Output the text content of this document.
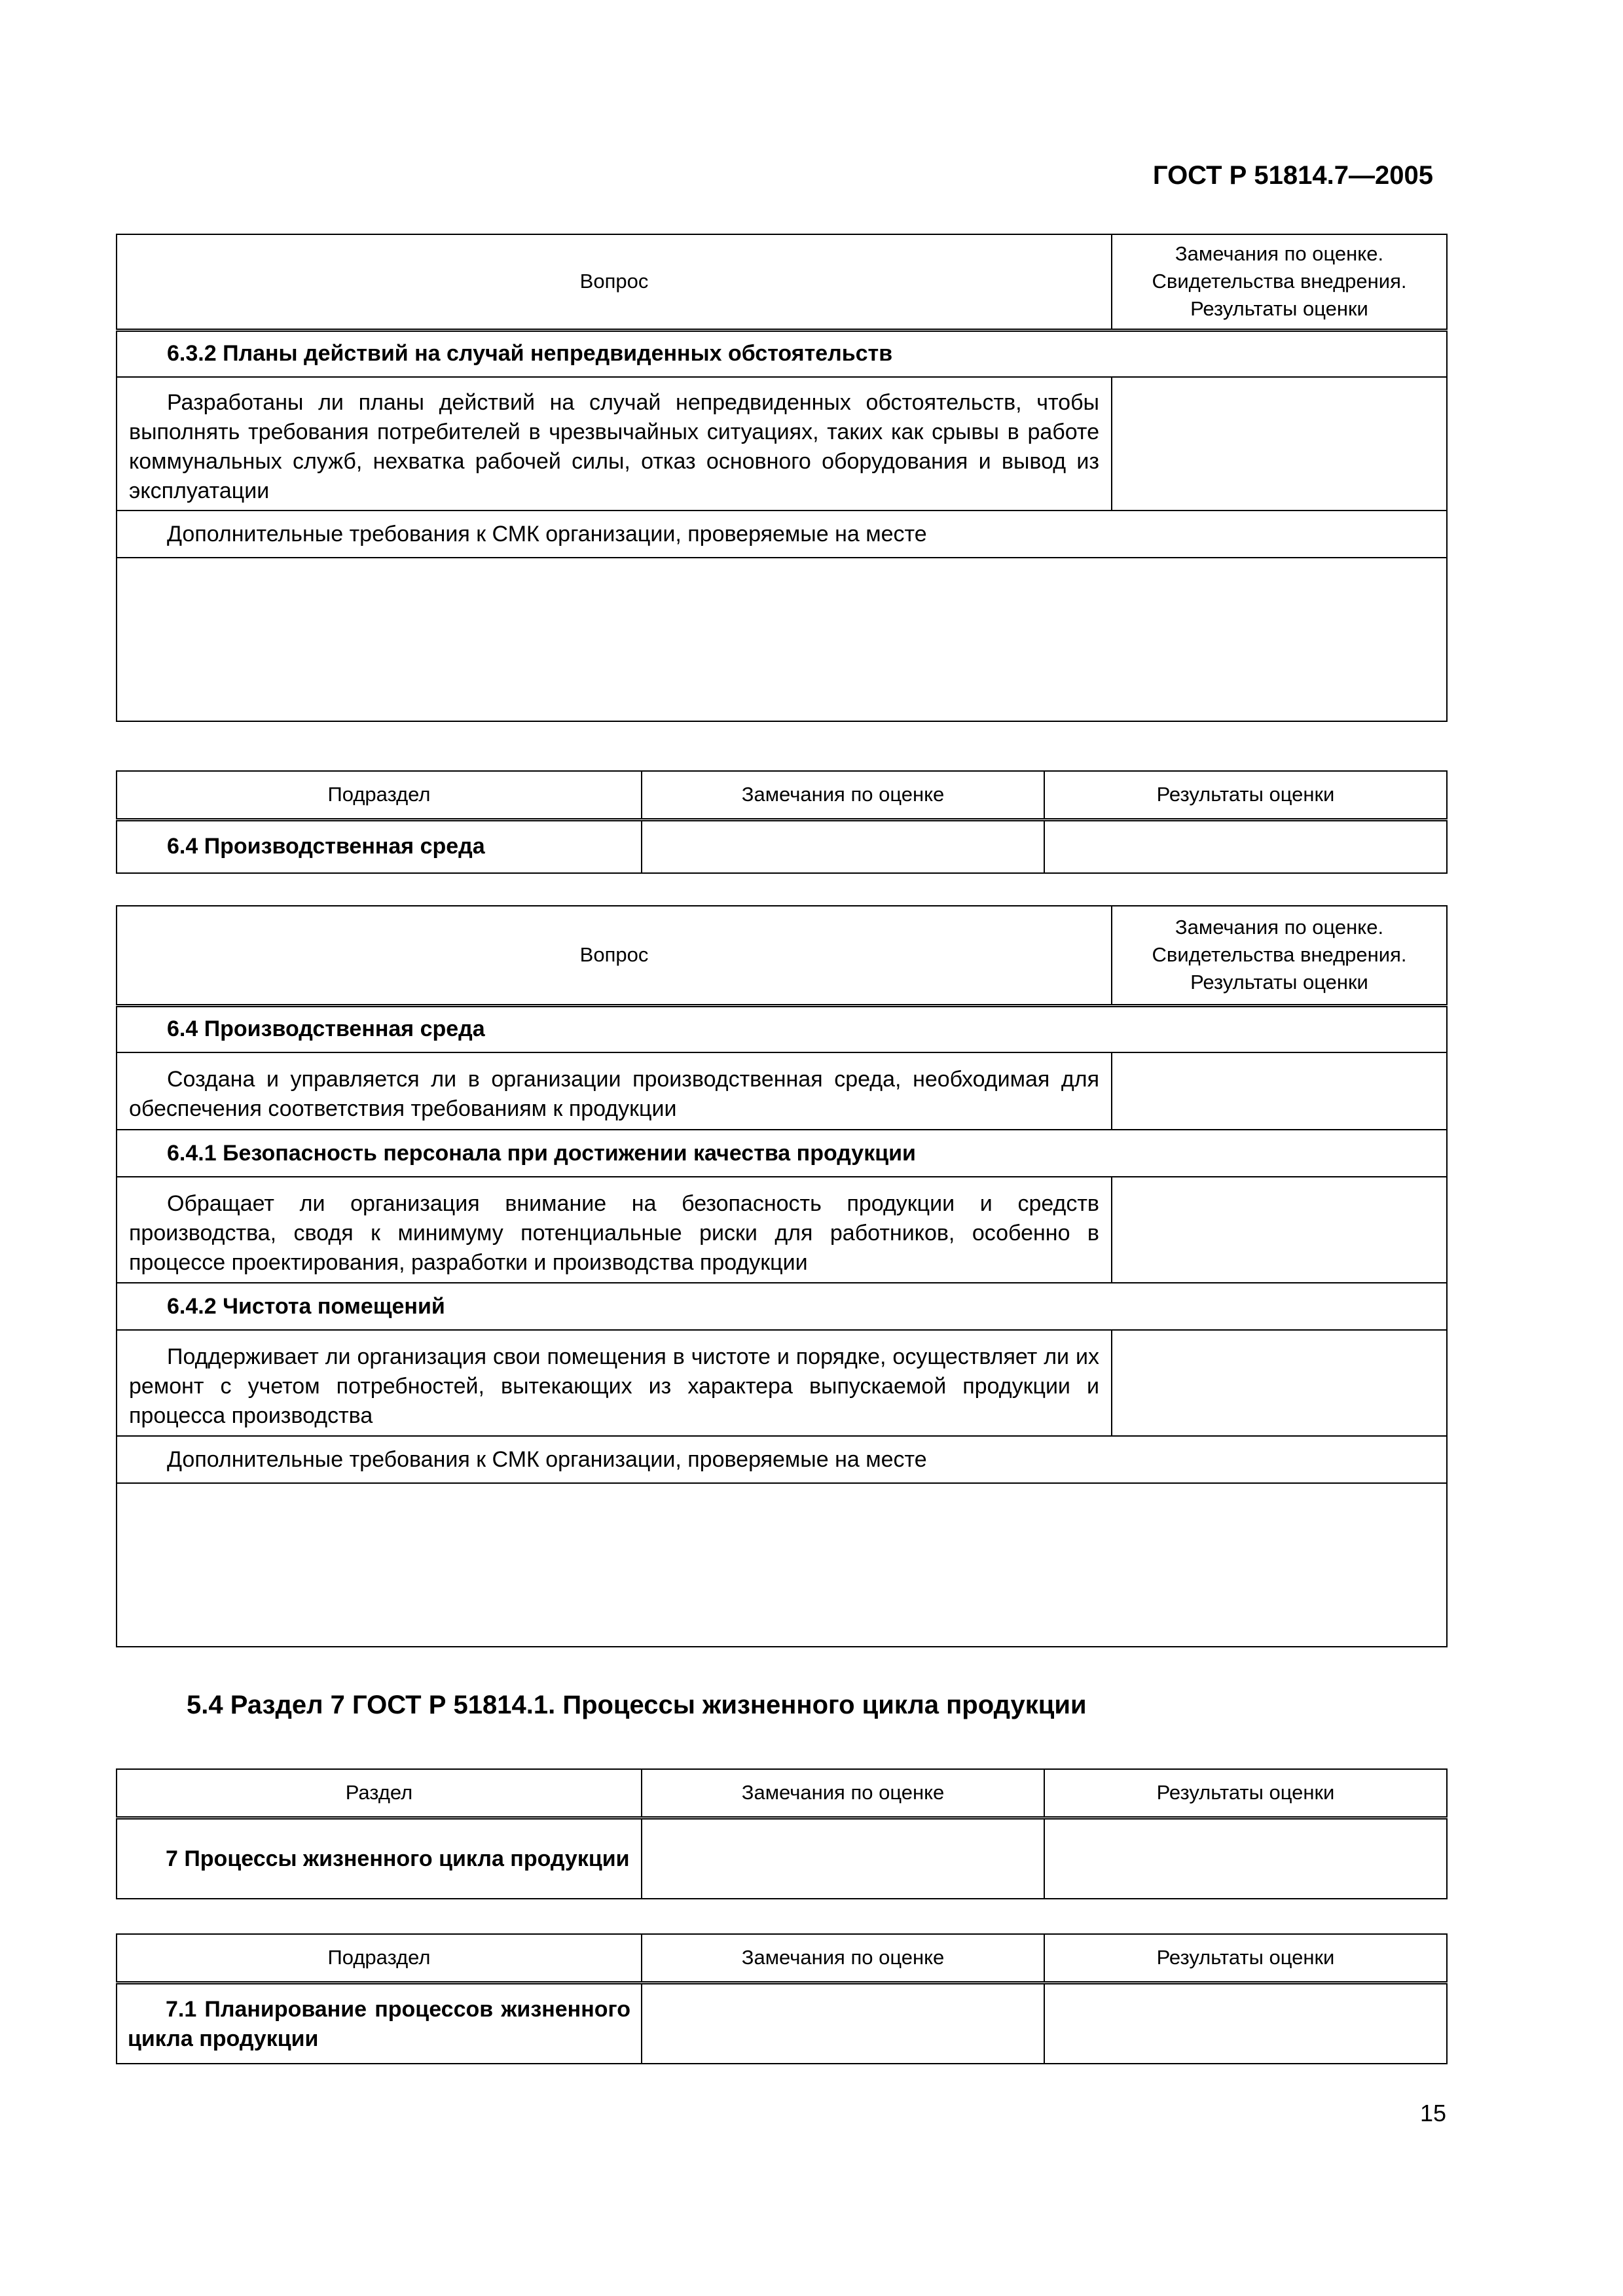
ГОСТ Р 51814.7—2005
Вопрос	Замечания по оценке.
Свидетельства внедрения.
Результаты оценки

6.3.2 Планы действий на случай непредвиденных обстоятельств	

Разработаны ли планы действий на случай непредвиденных обстоятельств, чтобы выполнять требования потребителей в чрезвычайных ситуациях, таких как срывы в работе коммунальных служб, нехватка рабочей силы, отказ основного оборудования и вывод из эксплуатации	

Дополнительные требования к СМК организации, проверяемые на месте	

Подраздел	Замечания по оценке	Результаты оценки
6.4 Производственная среда		
Вопрос	Замечания по оценке.
Свидетельства внедрения.
Результаты оценки

6.4 Производственная среда	

Создана и управляется ли в организации производственная среда, необходимая для обеспечения соответствия требованиям к продукции	

6.4.1 Безопасность персонала при достижении качества продукции	

Обращает ли организация внимание на безопасность продукции и средств производства, сводя к минимуму потенциальные риски для работников, особенно в процессе проектирования, разработки и производства продукции	

6.4.2 Чистота помещений	

Поддерживает ли организация свои помещения в чистоте и порядке, осуществляет ли их ремонт с учетом потребностей, вытекающих из характера выпускаемой продукции и процесса производства	

Дополнительные требования к СМК организации, проверяемые на месте	

5.4 Раздел 7 ГОСТ Р 51814.1. Процессы жизненного цикла продукции
Раздел	Замечания по оценке	Результаты оценки

7 Процессы жизненного цикла продукции		

Подраздел	Замечания по оценке	Результаты оценки

7.1 Планирование процессов жизненного цикла продукции		

15
